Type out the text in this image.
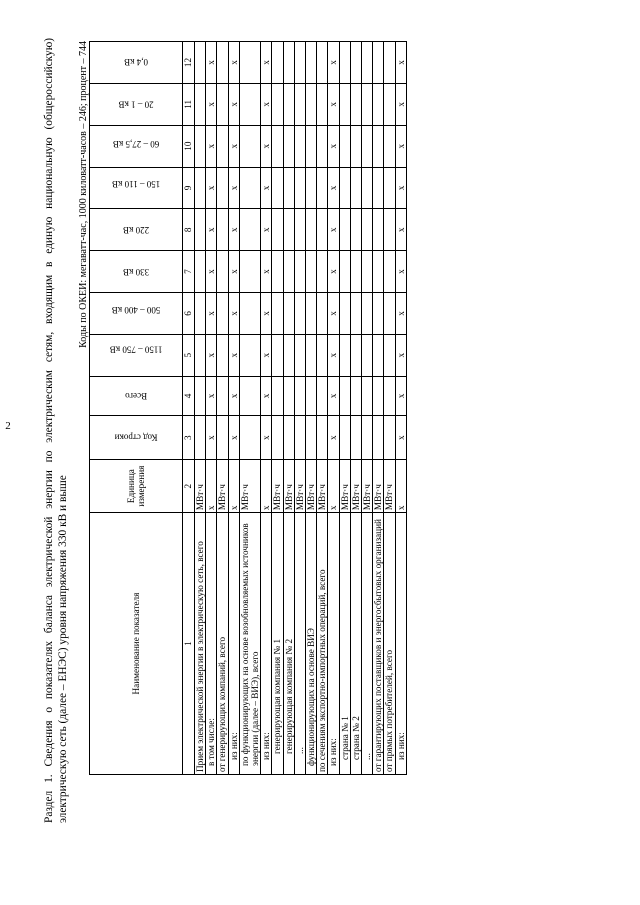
2	Раздел 1. Сведения о показателях баланса электрической энергии по электрическим сетям, входящим в единую национальную (общероссийскую) электрическую сеть (далее – ЕНЭС) уровня напряжения 330 кВ и выше
Коды по ОКЕИ: мегаватт-час, 1000 киловатт-часов – 246; процент – 744
Наименование показателя	Единица измерения	Код строки	Всего	1150 – 750 кВ	500 – 400 кВ	330 кВ	220 кВ	150 – 110 кВ	60 – 27,5 кВ	20 – 1 кВ	0,4 кВ
1	2	3	4	5	6	7	8	9	10	11	12
Прием электрической энергии в электрическую сеть, всего	МВт·ч										
в том числе:	x	x	x	x	x	x	x	x	x	x	x
от генерирующих компаний, всего	МВт·ч										
из них:	x	x	x	x	x	x	x	x	x	x	x
по функционирующих на основе возобновляемых источников энергии (далее – ВИЭ), всего	МВт·ч										
из них:	x	x	x	x	x	x	x	x	x	x	x
генерирующая компания № 1	МВт·ч										
генерирующая компания № 2	МВт·ч										
...	МВт·ч										
функционирующих на основе ВИЭ	МВт·ч										
по сечениям экспортно-импортных операций, всего	МВт·ч										
из них:	x	x	x	x	x	x	x	x	x	x	x
страна № 1	МВт·ч										
страна № 2	МВт·ч										
...	МВт·ч										
от гарантирующих поставщиков и энергосбытовых организаций	МВт·ч										
от прямых потребителей, всего	МВт·ч										
из них:	x	x	x	x	x	x	x	x	x	x	x
